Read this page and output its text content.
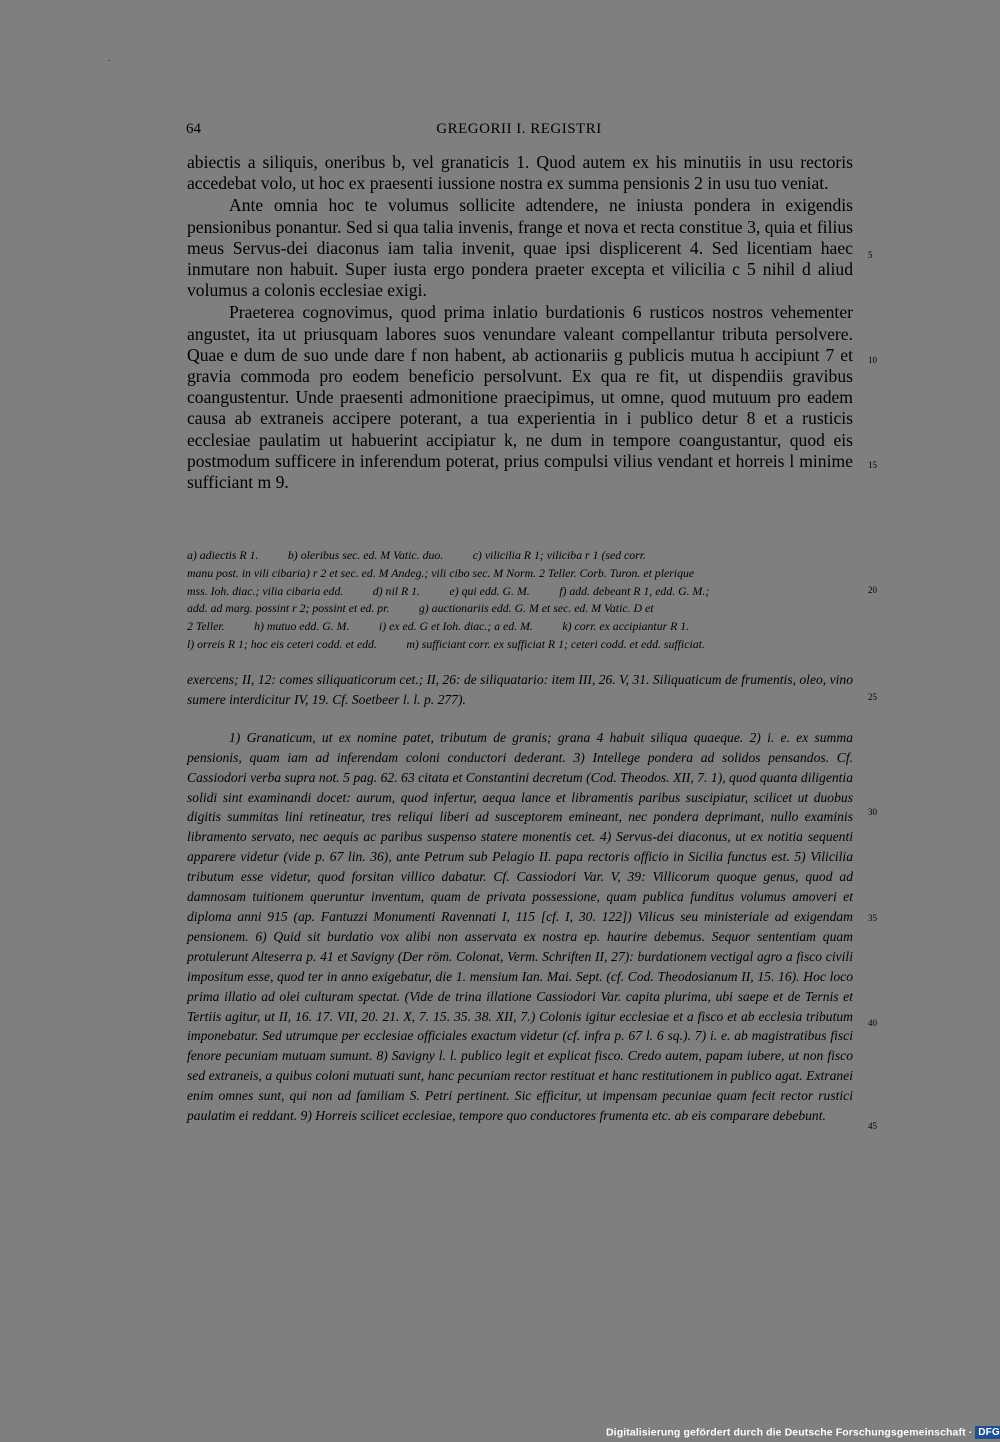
64	GREGORII I. REGISTRI

abiectis a siliquis, oneribus b, vel granaticis 1. Quod autem ex his minutiis in usu rectoris accedebat volo, ut hoc ex praesenti iussione nostra ex summa pensionis 2 in usu tuo veniat.

Ante omnia hoc te volumus sollicite adtendere, ne iniusta pondera in exigendis pensionibus ponantur. Sed si qua talia invenis, frange et nova et recta constitue 3, quia et filius meus Servus-dei diaconus iam talia invenit, quae ipsi displicerent 4. Sed licentiam haec inmutare non habuit. Super iusta ergo pondera praeter excepta et vilicilia c 5 nihil d aliud volumus a colonis ecclesiae exigi.

Praeterea cognovimus, quod prima inlatio burdationis 6 rusticos nostros vehementer angustet, ita ut priusquam labores suos venundare valeant compellantur tributa persolvere. Quae e dum de suo unde dare f non habent, ab actionariis g publicis mutua h accipiunt 7 et gravia commoda pro eodem beneficio persolvunt. Ex qua re fit, ut dispendiis gravibus coangustentur. Unde praesenti admonitione praecipimus, ut omne, quod mutuum pro eadem causa ab extraneis accipere poterant, a tua experientia in i publico detur 8 et a rusticis ecclesiae paulatim ut habuerint accipiatur k, ne dum in tempore coangustantur, quod eis postmodum sufficere in inferendum poterat, prius compulsi vilius vendant et horreis l minime sufficiant m 9.

a) adiectis R 1.          b) oleribus sec. ed. M Vatic. duo.          c) vilicilia R 1; viliciba r 1 (sed corr.
manu post. in vili cibaria) r 2 et sec. ed. M Andeg.; vili cibo sec. M Norm. 2 Teller. Corb. Turon. et plerique
mss. Ioh. diac.; vilia cibaria edd.          d) nil R 1.          e) qui edd. G. M.          f) add. debeant R 1, edd. G. M.;
add. ad marg. possint r 2; possint et ed. pr.          g) auctionariis edd. G. M et sec. ed. M Vatic. D et
2 Teller.          h) mutuo edd. G. M.          i) ex ed. G et Ioh. diac.; a ed. M.          k) corr. ex accipiantur R 1.
l) orreis R 1; hoc eis ceteri codd. et edd.          m) sufficiant corr. ex sufficiat R 1; ceteri codd. et edd. sufficiat.

exercens; II, 12: comes siliquaticorum cet.; II, 26: de siliquatario: item III, 26. V, 31. Siliquaticum de frumentis, oleo, vino sumere interdicitur IV, 19. Cf. Soetbeer l. l. p. 277).

1) Granaticum, ut ex nomine patet, tributum de granis; grana 4 habuit siliqua quaeque. 2) i. e. ex summa pensionis, quam iam ad inferendam coloni conductori dederant. 3) Intellege pondera ad solidos pensandos. Cf. Cassiodori verba supra not. 5 pag. 62. 63 citata et Constantini decretum (Cod. Theodos. XII, 7. 1), quod quanta diligentia solidi sint examinandi docet: aurum, quod infertur, aequa lance et libramentis paribus suscipiatur, scilicet ut duobus digitis summitas lini retineatur, tres reliqui liberi ad susceptorem emineant, nec pondera deprimant, nullo examinis libramento servato, nec aequis ac paribus suspenso statere monentis cet. 4) Servus-dei diaconus, ut ex notitia sequenti apparere videtur (vide p. 67 lin. 36), ante Petrum sub Pelagio II. papa rectoris officio in Sicilia functus est. 5) Vilicilia tributum esse videtur, quod forsitan villico dabatur. Cf. Cassiodori Var. V, 39: Villicorum quoque genus, quod ad damnosam tuitionem queruntur inventum, quam de privata possessione, quam publica funditus volumus amoveri et diploma anni 915 (ap. Fantuzzi Monumenti Ravennati I, 115 [cf. I, 30. 122]) Vilicus seu ministeriale ad exigendam pensionem. 6) Quid sit burdatio vox alibi non asservata ex nostra ep. haurire debemus. Sequor sententiam quam protulerunt Alteserra p. 41 et Savigny (Der röm. Colonat, Verm. Schriften II, 27): burdationem vectigal agro a fisco civili impositum esse, quod ter in anno exigebatur, die 1. mensium Ian. Mai. Sept. (cf. Cod. Theodosianum II, 15. 16). Hoc loco prima illatio ad olei culturam spectat. (Vide de trina illatione Cassiodori Var. capita plurima, ubi saepe et de Ternis et Tertiis agitur, ut II, 16. 17. VII, 20. 21. X, 7. 15. 35. 38. XII, 7.) Colonis igitur ecclesiae et a fisco et ab ecclesia tributum imponebatur. Sed utrumque per ecclesiae officiales exactum videtur (cf. infra p. 67 l. 6 sq.). 7) i. e. ab magistratibus fisci fenore pecuniam mutuam sumunt. 8) Savigny l. l. publico legit et explicat fisco. Credo autem, papam iubere, ut non fisco sed extraneis, a quibus coloni mutuati sunt, hanc pecuniam rector restituat et hanc restitutionem in publico agat. Extranei enim omnes sunt, qui non ad familiam S. Petri pertinent. Sic efficitur, ut impensam pecuniae quam fecit rector rustici paulatim ei reddant. 9) Horreis scilicet ecclesiae, tempore quo conductores frumenta etc. ab eis comparare debebunt.

5
10
15
20
25
30
35
40
45
Digitalisierung gefördert durch die Deutsche Forschungsgemeinschaft · DFG
